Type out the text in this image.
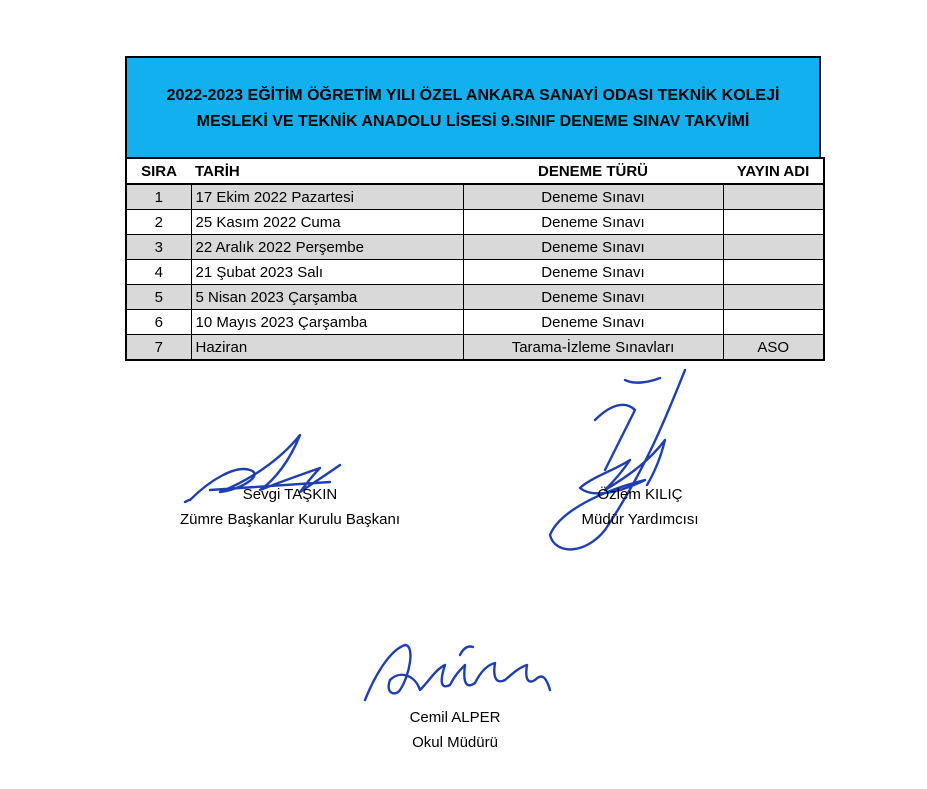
2022-2023 EĞİTİM ÖĞRETİM YILI ÖZEL ANKARA SANAYİ ODASI TEKNİK KOLEJİ
MESLEKİ VE TEKNİK ANADOLU LİSESİ 9.SINIF DENEME SINAV TAKVİMİ
SIRA	TARİH	DENEME TÜRÜ	YAYIN ADI
1	17 Ekim 2022 Pazartesi	Deneme Sınavı	
2	25 Kasım 2022 Cuma	Deneme Sınavı	
3	22 Aralık 2022 Perşembe	Deneme Sınavı	
4	21 Şubat 2023 Salı	Deneme Sınavı	
5	5 Nisan 2023 Çarşamba	Deneme Sınavı	
6	10 Mayıs 2023 Çarşamba	Deneme Sınavı	
7	Haziran	Tarama-İzleme Sınavları	ASO
Sevgi TAŞKIN
Zümre Başkanlar Kurulu Başkanı
Özlem KILIÇ
Müdür Yardımcısı
Cemil ALPER
Okul Müdürü
